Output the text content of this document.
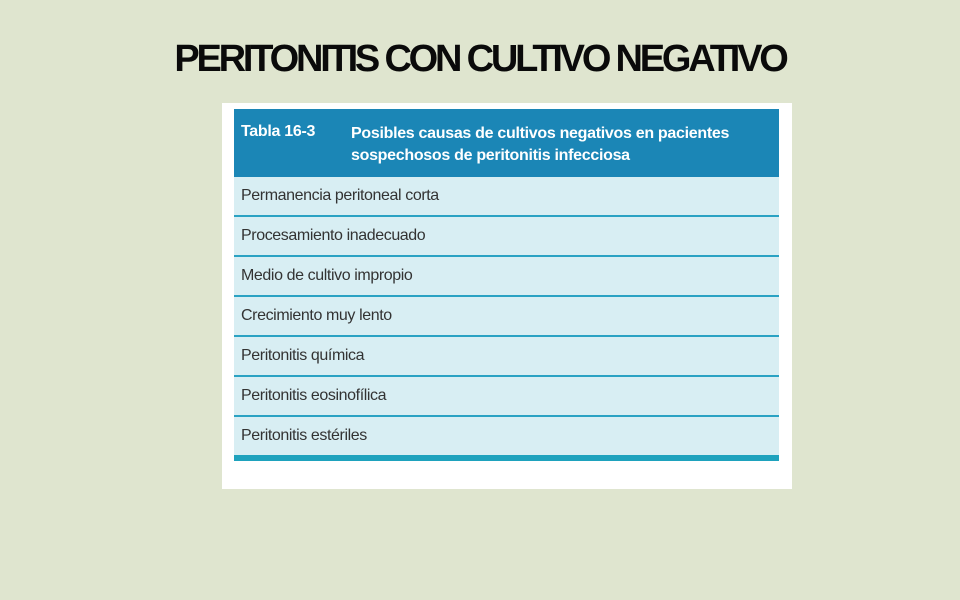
PERITONITIS CON CULTIVO NEGATIVO
Tabla 16-3 Posibles causas de cultivos negativos en pacientes sospechosos de peritonitis infecciosa
Permanencia peritoneal corta
Procesamiento inadecuado
Medio de cultivo impropio
Crecimiento muy lento
Peritonitis química
Peritonitis eosinofílica
Peritonitis estériles
